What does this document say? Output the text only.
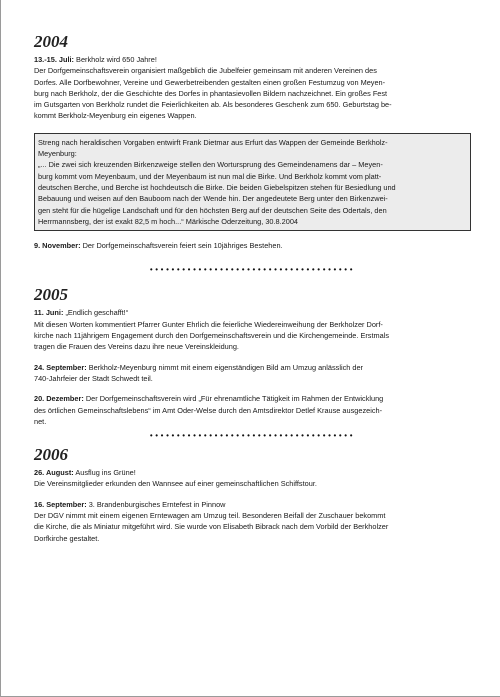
2004

13.-15. Juli: Berkholz wird 650 Jahre!
Der Dorfgemeinschaftsverein organisiert maßgeblich die Jubelfeier gemeinsam mit anderen Vereinen des
Dorfes. Alle Dorfbewohner, Vereine und Gewerbetreibenden gestalten einen großen Festumzug von Meyen-
burg nach Berkholz, der die Geschichte des Dorfes in phantasievollen Bildern nachzeichnet. Ein großes Fest
im Gutsgarten von Berkholz rundet die Feierlichkeiten ab. Als besonderes Geschenk zum 650. Geburtstag be-
kommt Berkholz-Meyenburg ein eigenes Wappen.

Streng nach heraldischen Vorgaben entwirft Frank Dietmar aus Erfurt das Wappen der Gemeinde Berkholz-
Meyenburg:
„... Die zwei sich kreuzenden Birkenzweige stellen den Wortursprung des Gemeindenamens dar – Meyen-
burg kommt vom Meyenbaum, und der Meyenbaum ist nun mal die Birke. Und Berkholz kommt vom platt-
deutschen Berche, und Berche ist hochdeutsch die Birke. Die beiden Giebelspitzen stehen für Besiedlung und
Bebauung und weisen auf den Bauboom nach der Wende hin. Der angedeutete Berg unter den Birkenzwei-
gen steht für die hügelige Landschaft und für den höchsten Berg auf der deutschen Seite des Odertals, den
Herrmannsberg, der ist exakt 82,5 m hoch...“ Märkische Oderzeitung, 30.8.2004

9. November: Der Dorfgemeinschaftsverein feiert sein 10jähriges Bestehen.

••••••••••••••••••••••••••••••••••••••
2005

11. Juni: „Endlich geschafft!“
Mit diesen Worten kommentiert Pfarrer Gunter Ehrlich die feierliche Wiedereinweihung der Berkholzer Dorf-
kirche nach 11jährigem Engagement durch den Dorfgemeinschaftsverein und die Kirchengemeinde. Erstmals
tragen die Frauen des Vereins dazu ihre neue Vereinskleidung.

24. September: Berkholz-Meyenburg nimmt mit einem eigenständigen Bild am Umzug anlässlich der
740-Jahrfeier der Stadt Schwedt teil.

20. Dezember: Der Dorfgemeinschaftsverein wird „Für ehrenamtliche Tätigkeit im Rahmen der Entwicklung
des örtlichen Gemeinschaftslebens“ im Amt Oder-Welse durch den Amtsdirektor Detlef Krause ausgezeich-
net.

••••••••••••••••••••••••••••••••••••••
2006

26. August: Ausflug ins Grüne!
Die Vereinsmitglieder erkunden den Wannsee auf einer gemeinschaftlichen Schiffstour.

16. September: 3. Brandenburgisches Erntefest in Pinnow
Der DGV nimmt mit einem eigenen Erntewagen am Umzug teil. Besonderen Beifall der Zuschauer bekommt
die Kirche, die als Miniatur mitgeführt wird. Sie wurde von Elisabeth Bibrack nach dem Vorbild der Berkholzer
Dorfkirche gestaltet.
